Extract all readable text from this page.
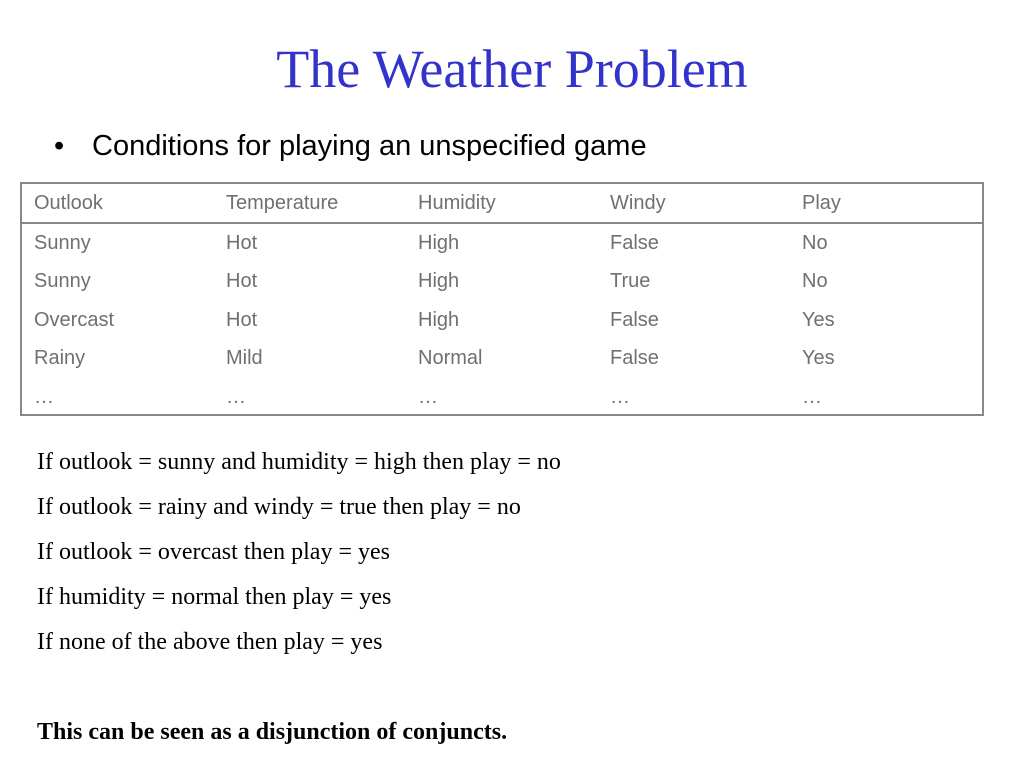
The Weather Problem
• Conditions for playing an unspecified game
Outlook	Temperature	Humidity	Windy	Play
Sunny	Hot	High	False	No
Sunny	Hot	High	True	No
Overcast	Hot	High	False	Yes
Rainy	Mild	Normal	False	Yes
…	…	…	…	…
If outlook = sunny and humidity = high then play = no
If outlook = rainy and windy = true then play = no
If outlook = overcast then play = yes
If humidity = normal then play = yes
If none of the above then play = yes
This can be seen as a disjunction of conjuncts.
